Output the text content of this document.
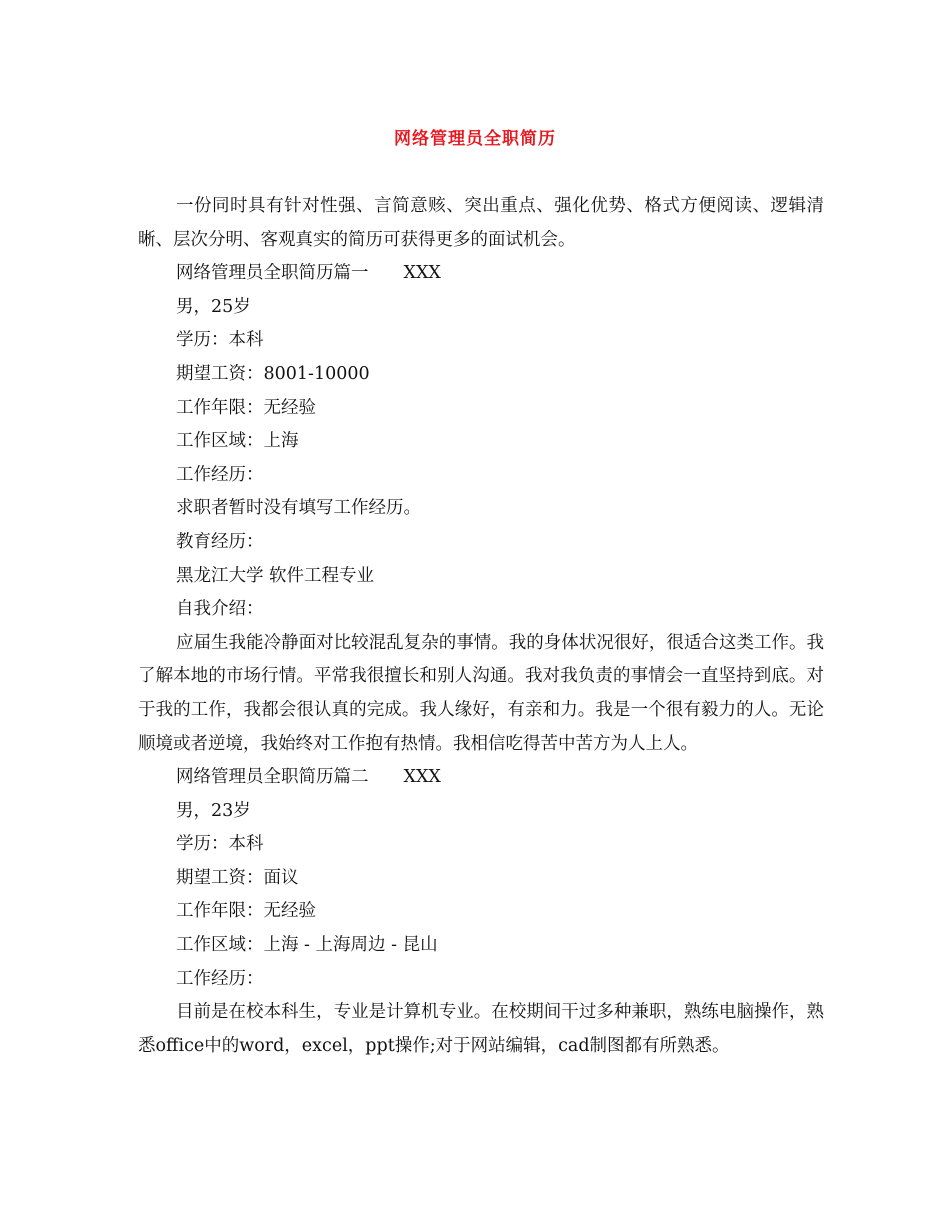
网络管理员全职简历

一份同时具有针对性强、言简意赅、突出重点、强化优势、格式方便阅读、逻辑清晰、层次分明、客观真实的简历可获得更多的面试机会。

网络管理员全职简历篇一　　XXX

男，25岁

学历：本科

期望工资：8001-10000

工作年限：无经验

工作区域：上海

工作经历：

求职者暂时没有填写工作经历。

教育经历：

黑龙江大学 软件工程专业

自我介绍：

应届生我能冷静面对比较混乱复杂的事情。我的身体状况很好，很适合这类工作。我了解本地的市场行情。平常我很擅长和别人沟通。我对我负责的事情会一直坚持到底。对于我的工作，我都会很认真的完成。我人缘好，有亲和力。我是一个很有毅力的人。无论顺境或者逆境，我始终对工作抱有热情。我相信吃得苦中苦方为人上人。

网络管理员全职简历篇二　　XXX

男，23岁

学历：本科

期望工资：面议

工作年限：无经验

工作区域：上海 - 上海周边 - 昆山

工作经历：

目前是在校本科生，专业是计算机专业。在校期间干过多种兼职，熟练电脑操作，熟悉office中的word，excel，ppt操作;对于网站编辑，cad制图都有所熟悉。
